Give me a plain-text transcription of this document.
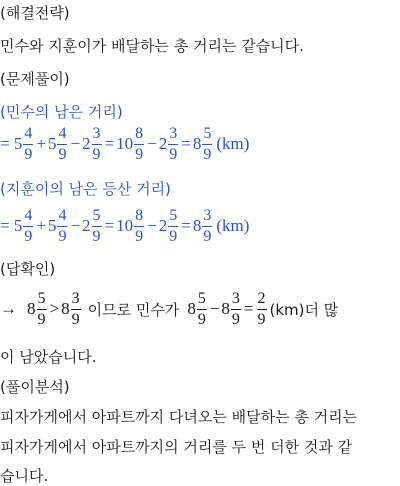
(해결전략)
민수와 지훈이가 배달하는 총 거리는 같습니다.
(문제풀이)
(민수의 남은 거리)
= $5 \frac{4}{9} + 5 \frac{4}{9} - 2 \frac{3}{9} = 10 \frac{8}{9} - 2 \frac{3}{9} = 8 \frac{5}{9} (km)$
(지훈이의 남은 등산 거리)
= $5 \frac{4}{9} + 5 \frac{4}{9} - 2 \frac{5}{9} = 10 \frac{8}{9} - 2 \frac{5}{9} = 8 \frac{3}{9} (km)$
(답확인)
→ $8 \frac{5}{9} > 8 \frac{3}{9}$ 이므로 민수가 $8 \frac{5}{9} - 8 \frac{3}{9} = \frac{2}{9} (km)$더 많
이 남았습니다.
(풀이분석)
피자가게에서 아파트까지 다녀오는 배달하는 총 거리는
피자가게에서 아파트까지의 거리를 두 번 더한 것과 같
습니다.
